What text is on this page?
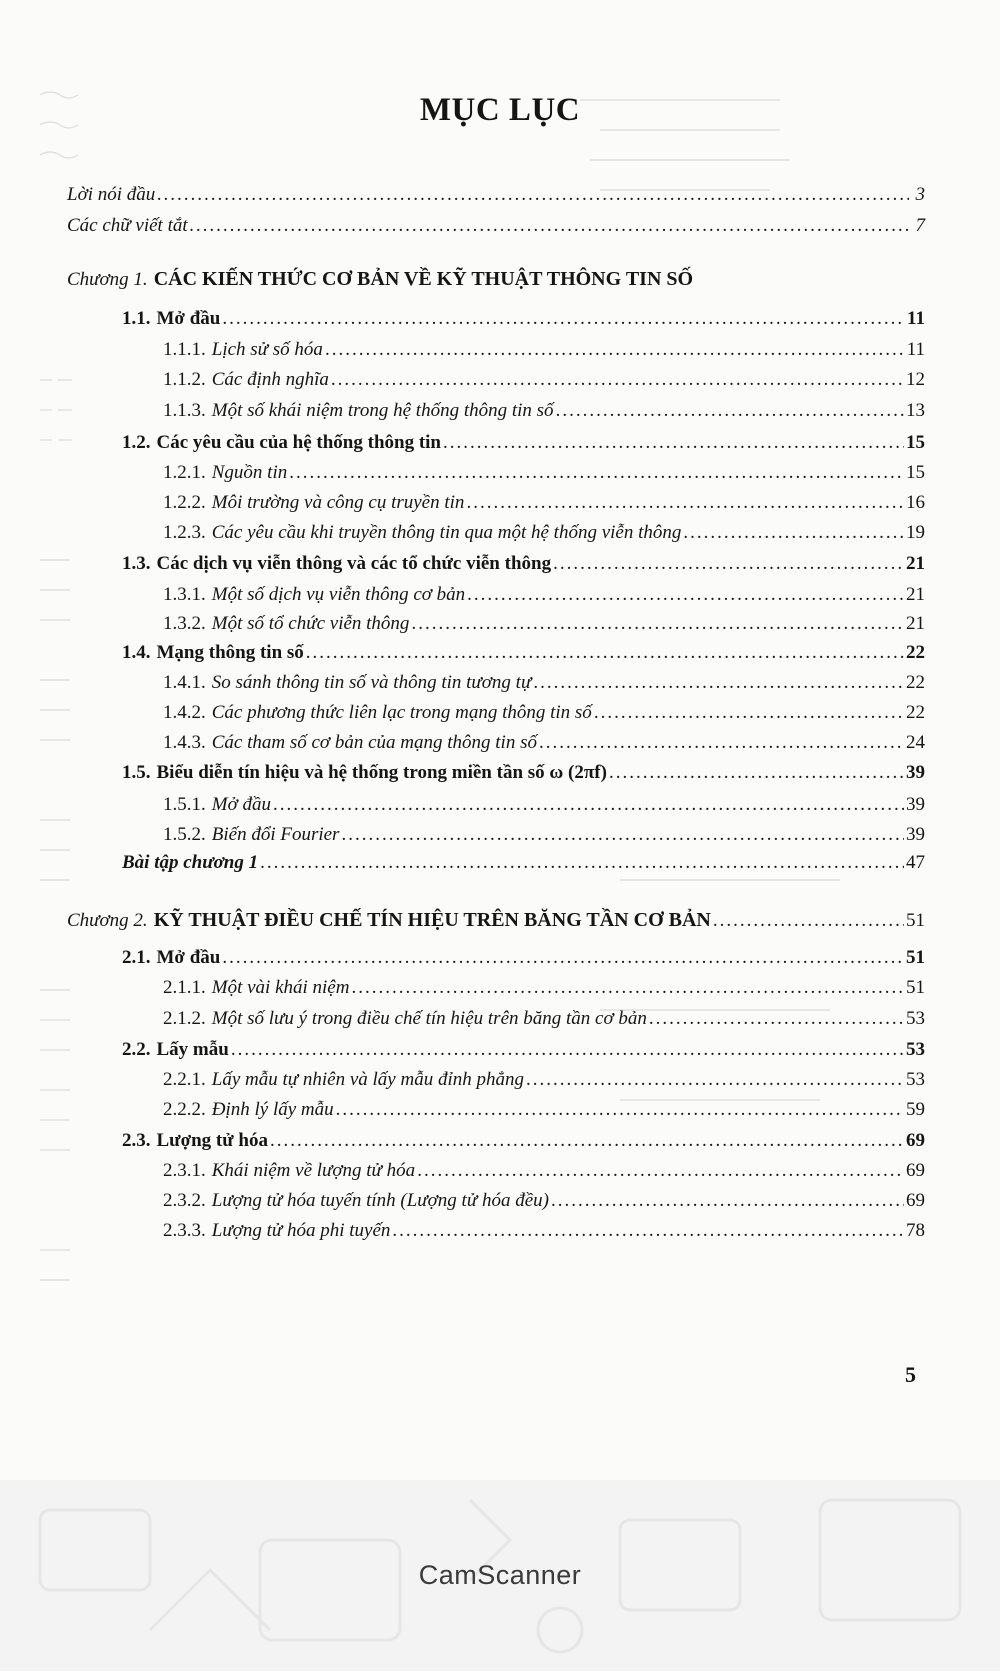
MỤC LỤC
Lời nói đầu .....	3
Các chữ viết tắt .....	7
Chương 1. CÁC KIẾN THỨC CƠ BẢN VỀ KỸ THUẬT THÔNG TIN SỐ
1.1. Mở đầu .....	11
1.1.1. Lịch sử số hóa .....	11
1.1.2. Các định nghĩa .....	12
1.1.3. Một số khái niệm trong hệ thống thông tin số .....	13
1.2. Các yêu cầu của hệ thống thông tin .....	15
1.2.1. Nguồn tin .....	15
1.2.2. Môi trường và công cụ truyền tin .....	16
1.2.3. Các yêu cầu khi truyền thông tin qua một hệ thống viễn thông .....	19
1.3. Các dịch vụ viễn thông và các tổ chức viễn thông .....	21
1.3.1. Một số dịch vụ viễn thông cơ bản .....	21
1.3.2. Một số tổ chức viễn thông .....	21
1.4. Mạng thông tin số .....	22
1.4.1. So sánh thông tin số và thông tin tương tự .....	22
1.4.2. Các phương thức liên lạc trong mạng thông tin số .....	22
1.4.3. Các tham số cơ bản của mạng thông tin số .....	24
1.5. Biểu diễn tín hiệu và hệ thống trong miền tần số ω (2πf) .....	39
1.5.1. Mở đầu .....	39
1.5.2. Biến đổi Fourier .....	39
Bài tập chương 1 .....	47
Chương 2. KỸ THUẬT ĐIỀU CHẾ TÍN HIỆU TRÊN BĂNG TẦN CƠ BẢN .....	51
2.1. Mở đầu .....	51
2.1.1. Một vài khái niệm .....	51
2.1.2. Một số lưu ý trong điều chế tín hiệu trên băng tần cơ bản .....	53
2.2. Lấy mẫu .....	53
2.2.1. Lấy mẫu tự nhiên và lấy mẫu đỉnh phẳng .....	53
2.2.2. Định lý lấy mẫu .....	59
2.3. Lượng tử hóa .....	69
2.3.1. Khái niệm về lượng tử hóa .....	69
2.3.2. Lượng tử hóa tuyến tính (Lượng tử hóa đều) .....	69
2.3.3. Lượng tử hóa phi tuyến .....	78
5
CamScanner
